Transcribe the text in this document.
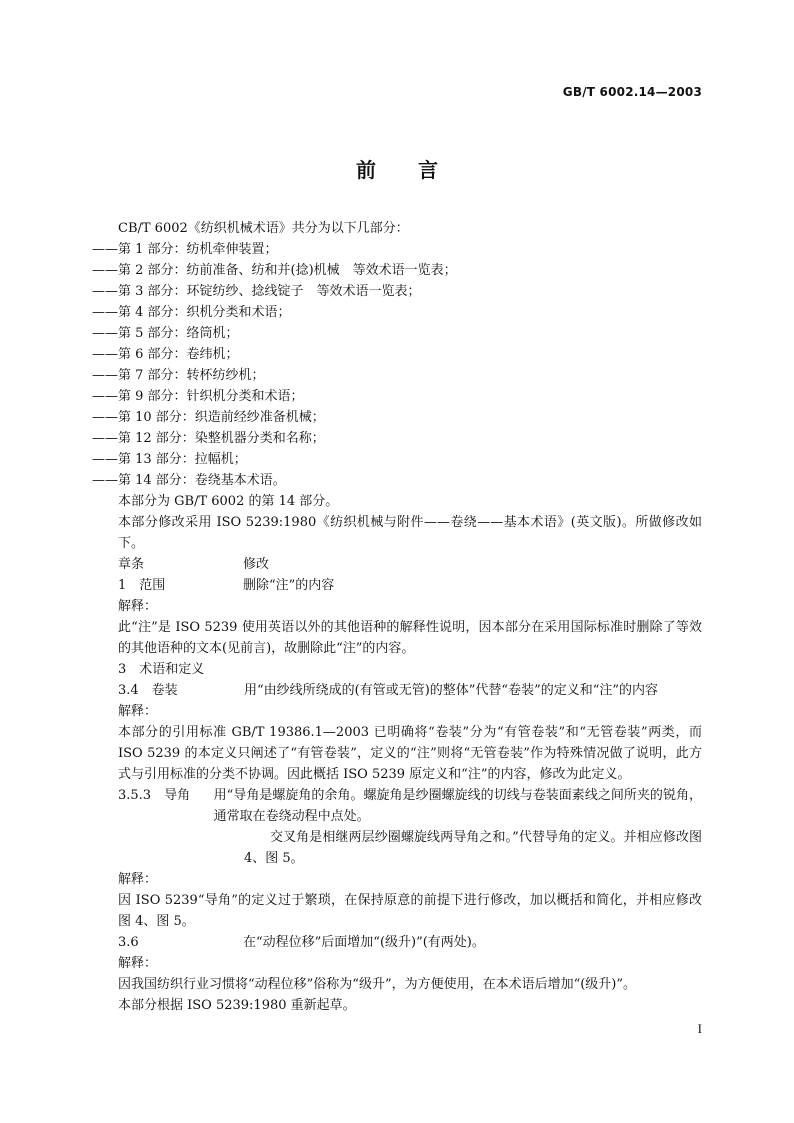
GB/T 6002.14—2003
前言
CB/T 6002《纺织机械术语》共分为以下几部分：
——第 1 部分：纺机牵伸装置；
——第 2 部分：纺前准备、纺和并(捻)机械　等效术语一览表；
——第 3 部分：环锭纺纱、捻线锭子　等效术语一览表；
——第 4 部分：织机分类和术语；
——第 5 部分：络筒机；
——第 6 部分：卷纬机；
——第 7 部分：转杯纺纱机；
——第 9 部分：针织机分类和术语；
——第 10 部分：织造前经纱准备机械；
——第 12 部分：染整机器分类和名称；
——第 13 部分：拉幅机；
——第 14 部分：卷绕基本术语。
本部分为 GB/T 6002 的第 14 部分。
本部分修改采用 ISO 5239:1980《纺织机械与附件——卷绕——基本术语》(英文版)。所做修改如下。
章条	修改
1　范围	删除“注”的内容
解释：
此“注”是 ISO 5239 使用英语以外的其他语种的解释性说明，因本部分在采用国际标准时删除了等效的其他语种的文本(见前言)，故删除此“注”的内容。
3　术语和定义
3.4　卷装	用“由纱线所绕成的(有管或无管)的整体”代替“卷装”的定义和“注”的内容
解释：
本部分的引用标准 GB/T 19386.1—2003 已明确将“卷装”分为“有管卷装”和“无管卷装”两类，而 ISO 5239 的本定义只阐述了“有管卷装”，定义的“注”则将“无管卷装”作为特殊情况做了说明，此方式与引用标准的分类不协调。因此概括 ISO 5239 原定义和“注”的内容，修改为此定义。
3.5.3　导角	用“导角是螺旋角的余角。螺旋角是纱圈螺旋线的切线与卷装面素线之间所夹的锐角，通常取在卷绕动程中点处。
交叉角是相继两层纱圈螺旋线两导角之和。”代替导角的定义。并相应修改图 4、图 5。
解释：
因 ISO 5239“导角”的定义过于繁琐，在保持原意的前提下进行修改，加以概括和简化，并相应修改图 4、图 5。
3.6	在“动程位移”后面增加“(级升)”(有两处)。
解释：
因我国纺织行业习惯将“动程位移”俗称为“级升”，为方便使用，在本术语后增加“(级升)”。
本部分根据 ISO 5239:1980 重新起草。
I
